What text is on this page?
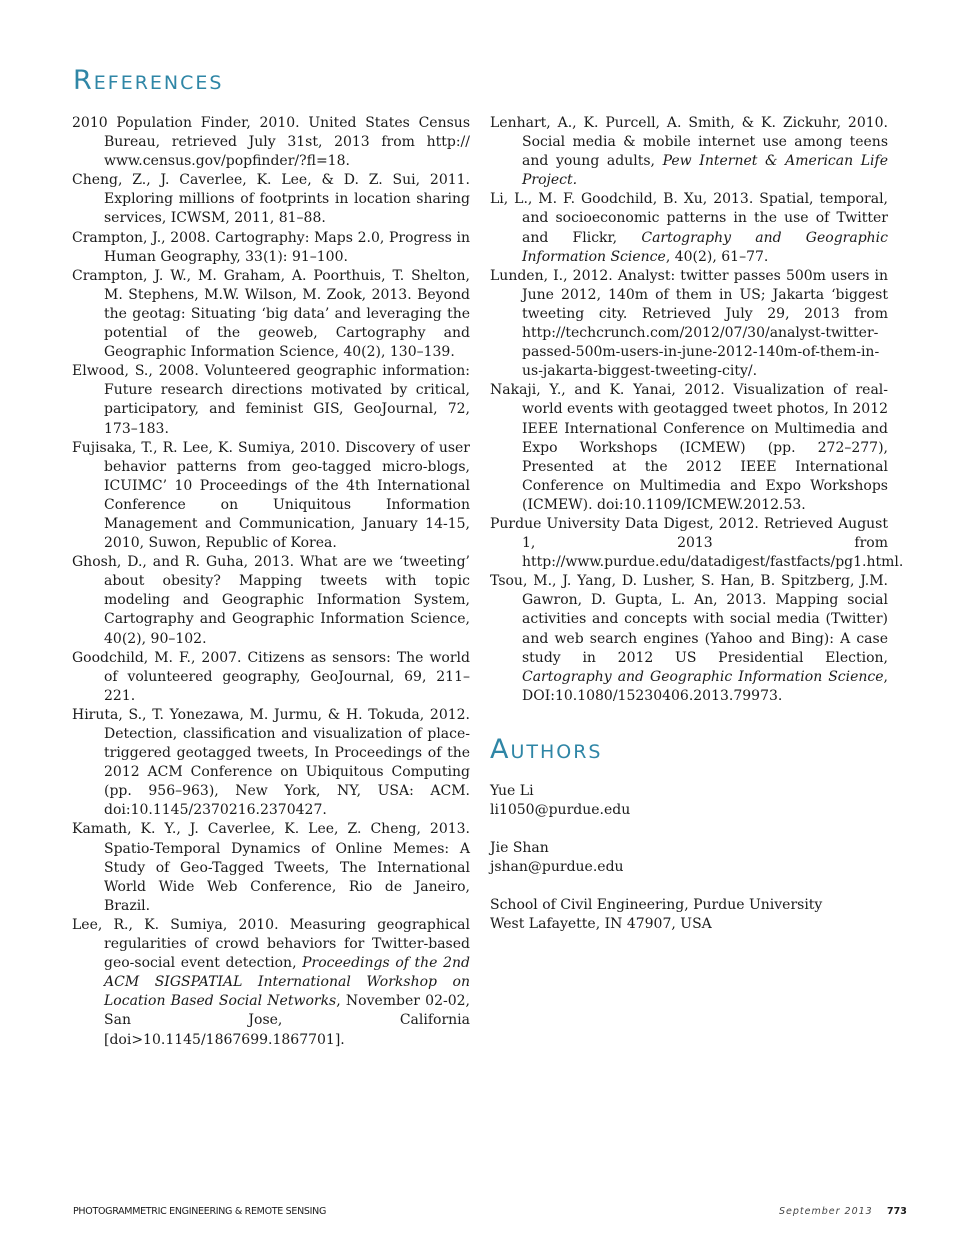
References
2010 Population Finder, 2010. United States Census Bureau, retrieved July 31st, 2013 from http:// www.census.gov/popfinder/?fl=18.
Cheng, Z., J. Caverlee, K. Lee, & D. Z. Sui, 2011. Exploring millions of footprints in location sharing services, ICWSM, 2011, 81–88.
Crampton, J., 2008. Cartography: Maps 2.0, Progress in Human Geography, 33(1): 91–100.
Crampton, J. W., M. Graham, A. Poorthuis, T. Shelton, M. Stephens, M.W. Wilson, M. Zook, 2013. Beyond the geotag: Situating ‘big data’ and leveraging the potential of the geoweb, Cartography and Geographic Information Science, 40(2), 130–139.
Elwood, S., 2008. Volunteered geographic information: Future research directions motivated by critical, participatory, and feminist GIS, GeoJournal, 72, 173–183.
Fujisaka, T., R. Lee, K. Sumiya, 2010. Discovery of user behavior patterns from geo-tagged micro-blogs, ICUIMC’ 10 Proceedings of the 4th International Conference on Uniquitous Information Management and Communication, January 14-15, 2010, Suwon, Republic of Korea.
Ghosh, D., and R. Guha, 2013. What are we ‘tweeting’ about obesity? Mapping tweets with topic modeling and Geographic Information System, Cartography and Geographic Information Science, 40(2), 90–102.
Goodchild, M. F., 2007. Citizens as sensors: The world of volunteered geography, GeoJournal, 69, 211–221.
Hiruta, S., T. Yonezawa, M. Jurmu, & H. Tokuda, 2012. Detection, classification and visualization of place-triggered geotagged tweets, In Proceedings of the 2012 ACM Conference on Ubiquitous Computing (pp. 956–963), New York, NY, USA: ACM. doi:10.1145/2370216.2370427.
Kamath, K. Y., J. Caverlee, K. Lee, Z. Cheng, 2013. Spatio-Temporal Dynamics of Online Memes: A Study of Geo-Tagged Tweets, The International World Wide Web Conference, Rio de Janeiro, Brazil.
Lee, R., K. Sumiya, 2010. Measuring geographical regularities of crowd behaviors for Twitter-based geo-social event detection, Proceedings of the 2nd ACM SIGSPATIAL International Workshop on Location Based Social Networks, November 02-02, San Jose, California [doi>10.1145/1867699.1867701].
Lenhart, A., K. Purcell, A. Smith, & K. Zickuhr, 2010. Social media & mobile internet use among teens and young adults, Pew Internet & American Life Project.
Li, L., M. F. Goodchild, B. Xu, 2013. Spatial, temporal, and socioeconomic patterns in the use of Twitter and Flickr, Cartography and Geographic Information Science, 40(2), 61–77.
Lunden, I., 2012. Analyst: twitter passes 500m users in June 2012, 140m of them in US; Jakarta ‘biggest tweeting city. Retrieved July 29, 2013 from http://techcrunch.com/2012/07/30/analyst-twitter-passed-500m-users-in-june-2012-140m-of-them-in-us-jakarta-biggest-tweeting-city/.
Nakaji, Y., and K. Yanai, 2012. Visualization of real-world events with geotagged tweet photos, In 2012 IEEE International Conference on Multimedia and Expo Workshops (ICMEW) (pp. 272–277), Presented at the 2012 IEEE International Conference on Multimedia and Expo Workshops (ICMEW). doi:10.1109/ICMEW.2012.53.
Purdue University Data Digest, 2012. Retrieved August 1, 2013 from http://www.purdue.edu/datadigest/fastfacts/pg1.html.
Tsou, M., J. Yang, D. Lusher, S. Han, B. Spitzberg, J.M. Gawron, D. Gupta, L. An, 2013. Mapping social activities and concepts with social media (Twitter) and web search engines (Yahoo and Bing): A case study in 2012 US Presidential Election, Cartography and Geographic Information Science, DOI:10.1080/15230406.2013.79973.
Authors

Yue Li
li1050@purdue.edu

Jie Shan
jshan@purdue.edu

School of Civil Engineering, Purdue University
West Lafayette, IN 47907, USA

PHOTOGRAMMETRIC ENGINEERING & REMOTE SENSING	September 2013 773
